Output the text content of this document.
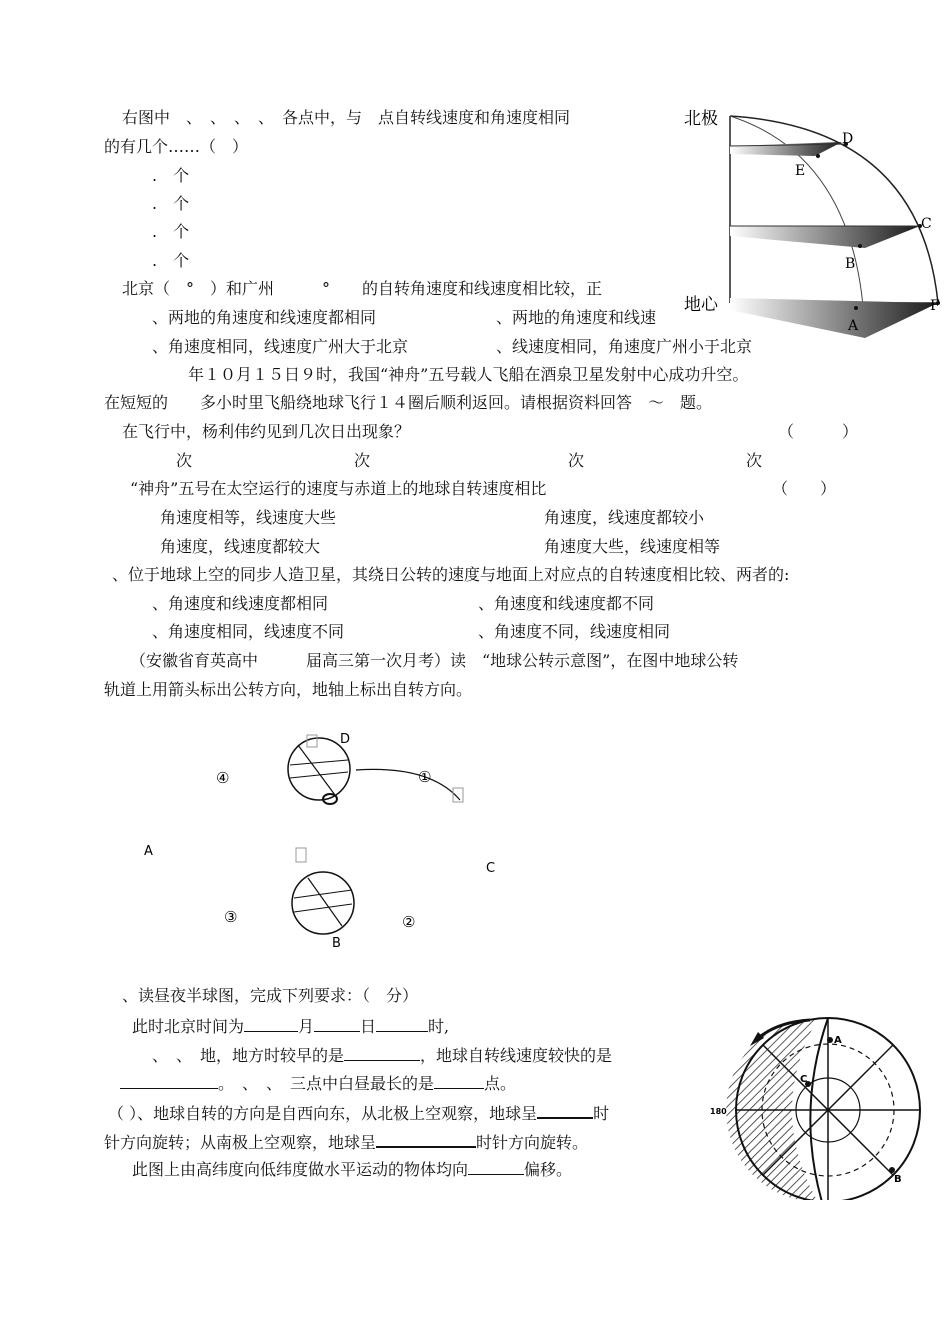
右图中　、　、　、　、　各点中，与　点自转线速度和角速度相同
的有几个……（　）
.　个
.　个
.　个
.　个
北极
地心
D
E
C
B
F
A
北京（　°　）和广州　　　°　　的自转角速度和线速度相比较，正
、两地的角速度和线速度都相同	、两地的角速度和线速
、角速度相同，线速度广州大于北京	、线速度相同，角速度广州小于北京
年１０月１５日９时，我国“神舟”五号载人飞船在酒泉卫星发射中心成功升空。
在短短的　　多小时里飞船绕地球飞行１４圈后顺利返回。请根据资料回答　～　题。
在飞行中，杨利伟约见到几次日出现象？	（　　　）
次	次	次	次
“神舟”五号在太空运行的速度与赤道上的地球自转速度相比	（　　）
角速度相等，线速度大些	角速度，线速度都较小
角速度，线速度都较大	角速度大些，线速度相等
、位于地球上空的同步人造卫星，其绕日公转的速度与地面上对应点的自转速度相比较、两者的:
、角速度和线速度都相同	、角速度和线速度都不同
、角速度相同，线速度不同	、角速度不同，线速度相同
（安徽省育英高中　　　届高三第一次月考）读　“地球公转示意图”，在图中地球公转
轨道上用箭头标出公转方向，地轴上标出自转方向。
D
A
C
B
①
②
③
④
、读昼夜半球图，完成下列要求：（　分）
此时北京时间为	月	日	时,
、　、　地，地方时较早的是	，地球自转线速度较快的是
。　、　、　三点中白昼最长的是	点。
（ ）、地球自转的方向是自西向东，从北极上空观察，地球呈	时
针方向旋转；从南极上空观察，地球呈	时针方向旋转。
此图上由高纬度向低纬度做水平运动的物体均向	偏移。
A
C
B
180
